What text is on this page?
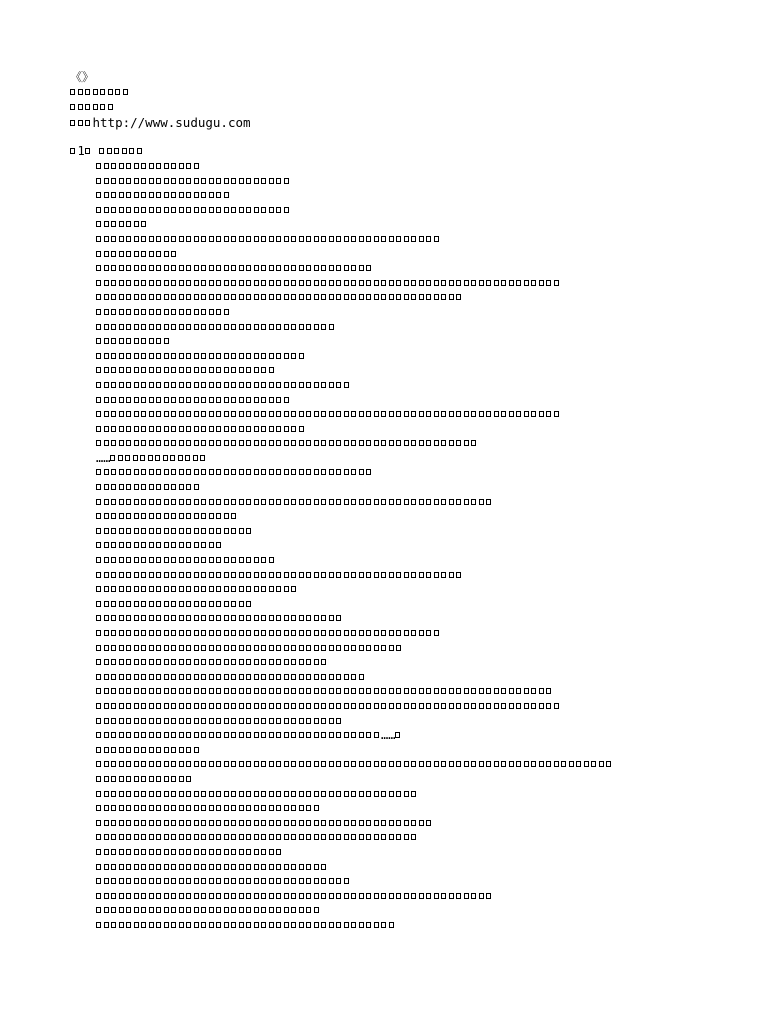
《》
http://www.sudugu.com
1
……
……
